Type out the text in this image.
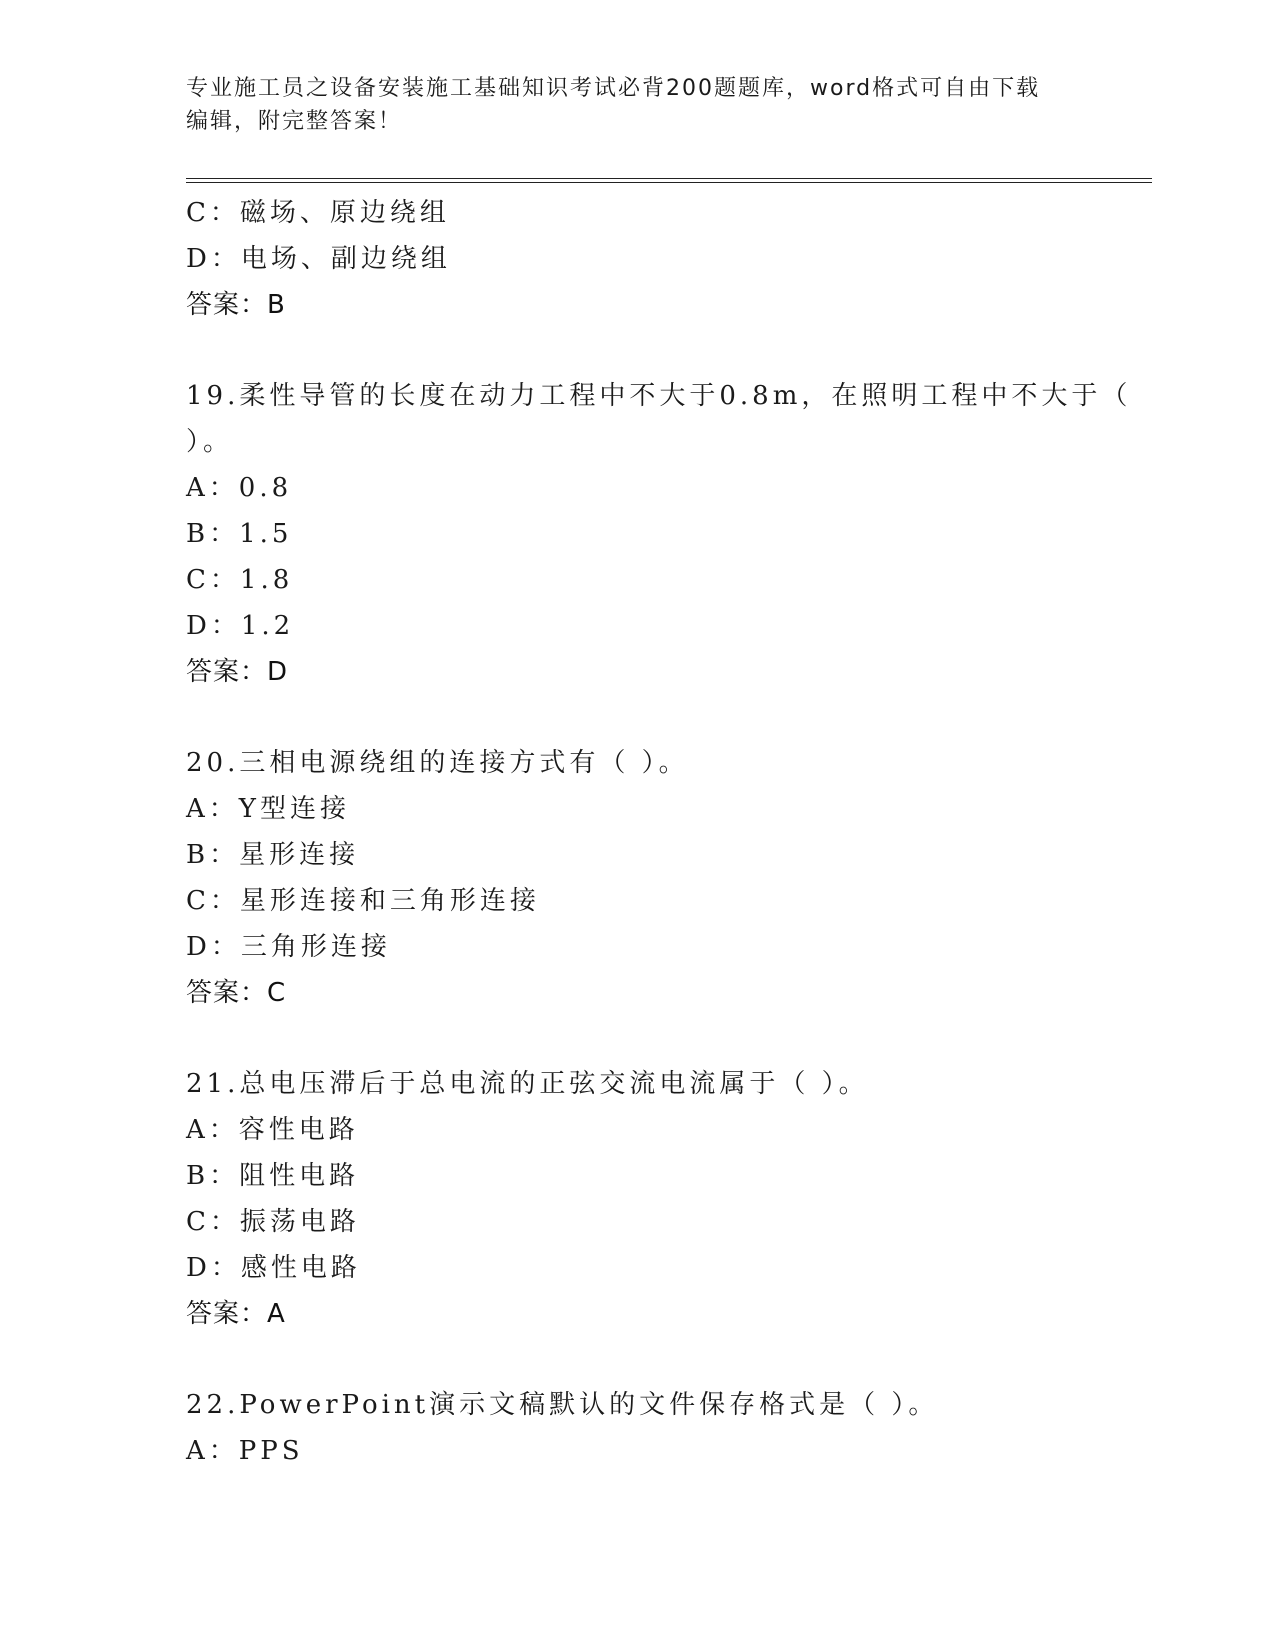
专业施工员之设备安装施工基础知识考试必背200题题库，word格式可自由下载
编辑，附完整答案！
C：磁场、原边绕组
D：电场、副边绕组
答案：B
19.柔性导管的长度在动力工程中不大于0.8m，在照明工程中不大于（
）。
A：0.8
B：1.5
C：1.8
D：1.2
答案：D
20.三相电源绕组的连接方式有（ ）。
A：Y型连接
B：星形连接
C：星形连接和三角形连接
D：三角形连接
答案：C
21.总电压滞后于总电流的正弦交流电流属于（ ）。
A：容性电路
B：阻性电路
C：振荡电路
D：感性电路
答案：A
22.PowerPoint演示文稿默认的文件保存格式是（ ）。
A：PPS
